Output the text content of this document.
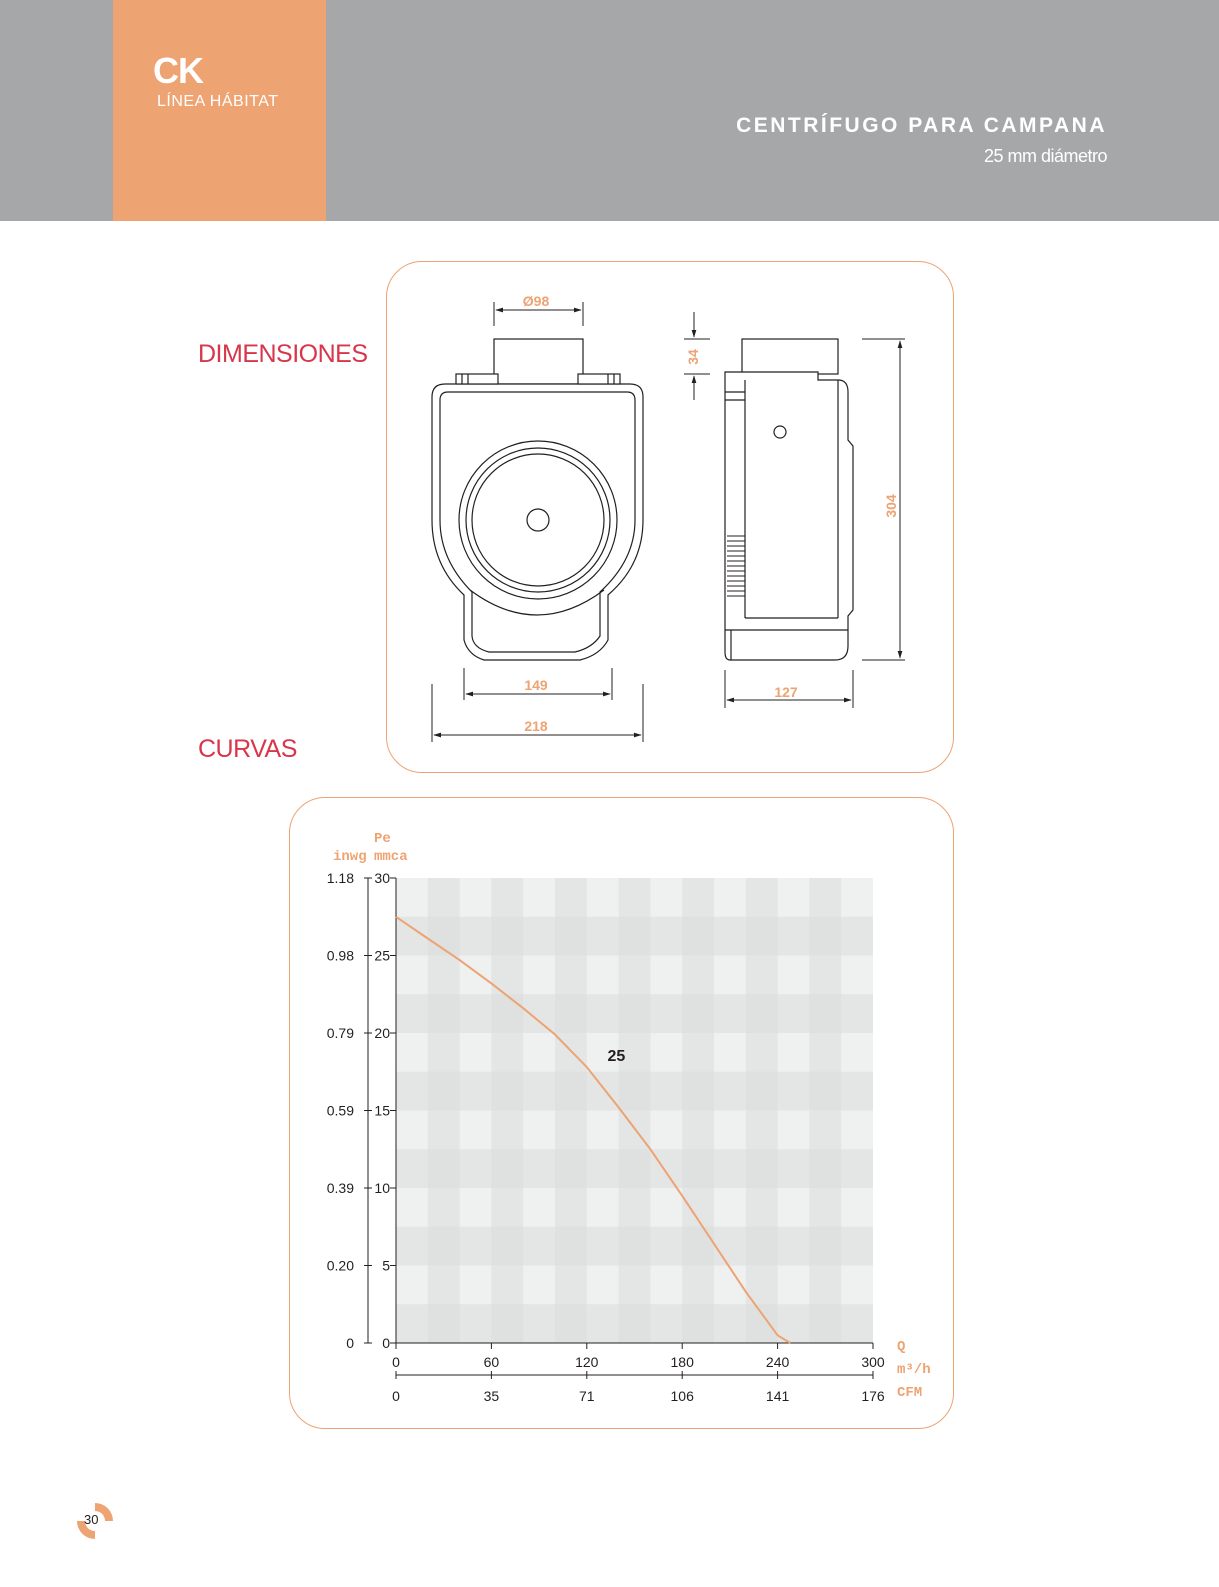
CK
LÍNEA HÁBITAT
CENTRÍFUGO PARA CAMPANA
25 mm diámetro
DIMENSIONES
CURVAS
Ø98
34
304
149
218
127
0
0
5
0.20
10
0.39
15
0.59
20
0.79
25
0.98
30
1.18
0
0
60
35
120
71
180
106
240
141
300
176
Pe
mmca
inwg
Q
m³/h
CFM
25
30
